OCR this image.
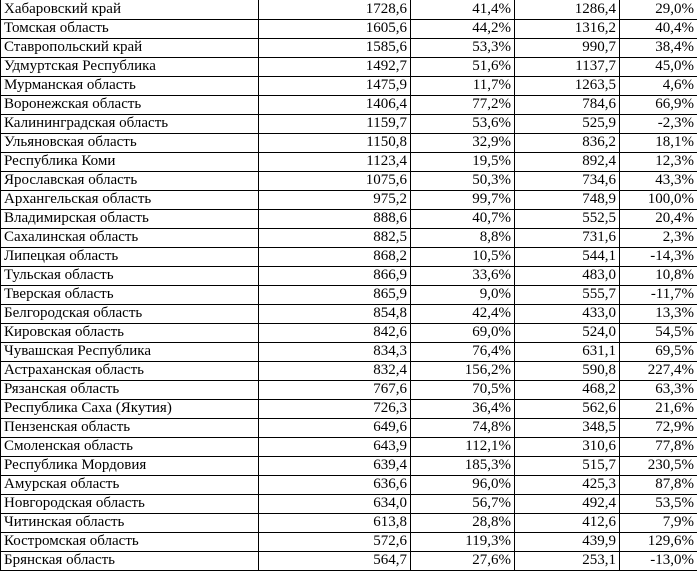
Хабаровский край	1728,6	41,4%	1286,4	29,0%
Томская область	1605,6	44,2%	1316,2	40,4%
Ставропольский край	1585,6	53,3%	990,7	38,4%
Удмуртская Республика	1492,7	51,6%	1137,7	45,0%
Мурманская область	1475,9	11,7%	1263,5	4,6%
Воронежская область	1406,4	77,2%	784,6	66,9%
Калининградская область	1159,7	53,6%	525,9	-2,3%
Ульяновская область	1150,8	32,9%	836,2	18,1%
Республика Коми	1123,4	19,5%	892,4	12,3%
Ярославская область	1075,6	50,3%	734,6	43,3%
Архангельская область	975,2	99,7%	748,9	100,0%
Владимирская область	888,6	40,7%	552,5	20,4%
Сахалинская область	882,5	8,8%	731,6	2,3%
Липецкая область	868,2	10,5%	544,1	-14,3%
Тульская область	866,9	33,6%	483,0	10,8%
Тверская область	865,9	9,0%	555,7	-11,7%
Белгородская область	854,8	42,4%	433,0	13,3%
Кировская область	842,6	69,0%	524,0	54,5%
Чувашская Республика	834,3	76,4%	631,1	69,5%
Астраханская область	832,4	156,2%	590,8	227,4%
Рязанская область	767,6	70,5%	468,2	63,3%
Республика Саха (Якутия)	726,3	36,4%	562,6	21,6%
Пензенская область	649,6	74,8%	348,5	72,9%
Смоленская область	643,9	112,1%	310,6	77,8%
Республика Мордовия	639,4	185,3%	515,7	230,5%
Амурская область	636,6	96,0%	425,3	87,8%
Новгородская область	634,0	56,7%	492,4	53,5%
Читинская область	613,8	28,8%	412,6	7,9%
Костромская область	572,6	119,3%	439,9	129,6%
Брянская область	564,7	27,6%	253,1	-13,0%
